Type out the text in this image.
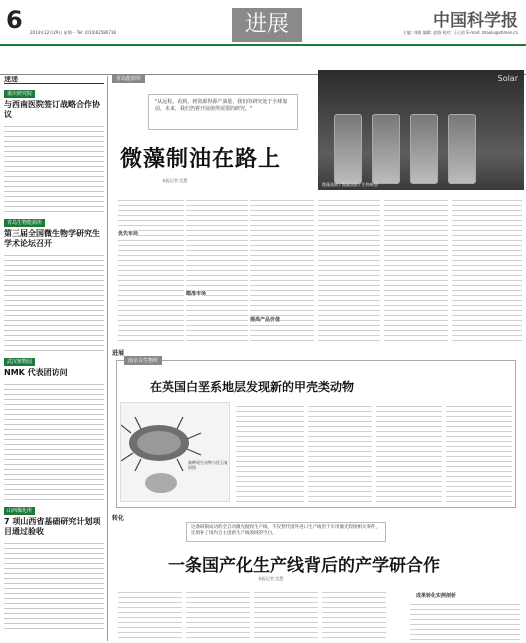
6 2014年12月29日 星期一 Tel: (010)62580718	进展	中国科学报
主编: 刘雁 编辑: 赵路 校对: 王心怡 E-mail: zhaolu@stimes.cn
速递
重庆研究院
与西南医院签订战略合作协议
青岛生物能源所
第三届全国微生物学研究生学术论坛召开
武汉植物园
NMK 代表团访问
山西煤化所
7 项山西省基础研究计划项目通过验收
青岛能源所
"从远程，看到、到资源得源产油量，我们的研究处于全球靠前，未来，我们仍将开展值得需要的研究。"
微藻制油在路上
本报记者 沈慧
Solar
微藻油液 / 微藻油液 / 生物柴油
优先布局
瞄准市场
提高产品价值
进展
南京古生物所
在英国白垩系地层发现新的甲壳类动物
新种现生动物与化石复原图
转化
这条研制成功的全自动激光抛焊生产线，不仅替代国外进口生产线用于车用激光焊接相关零件，还填补了国内自主创新生产线领域的空白。
一条国产化生产线背后的产学研合作
本报记者 沈慧
成果转化实例剖析
